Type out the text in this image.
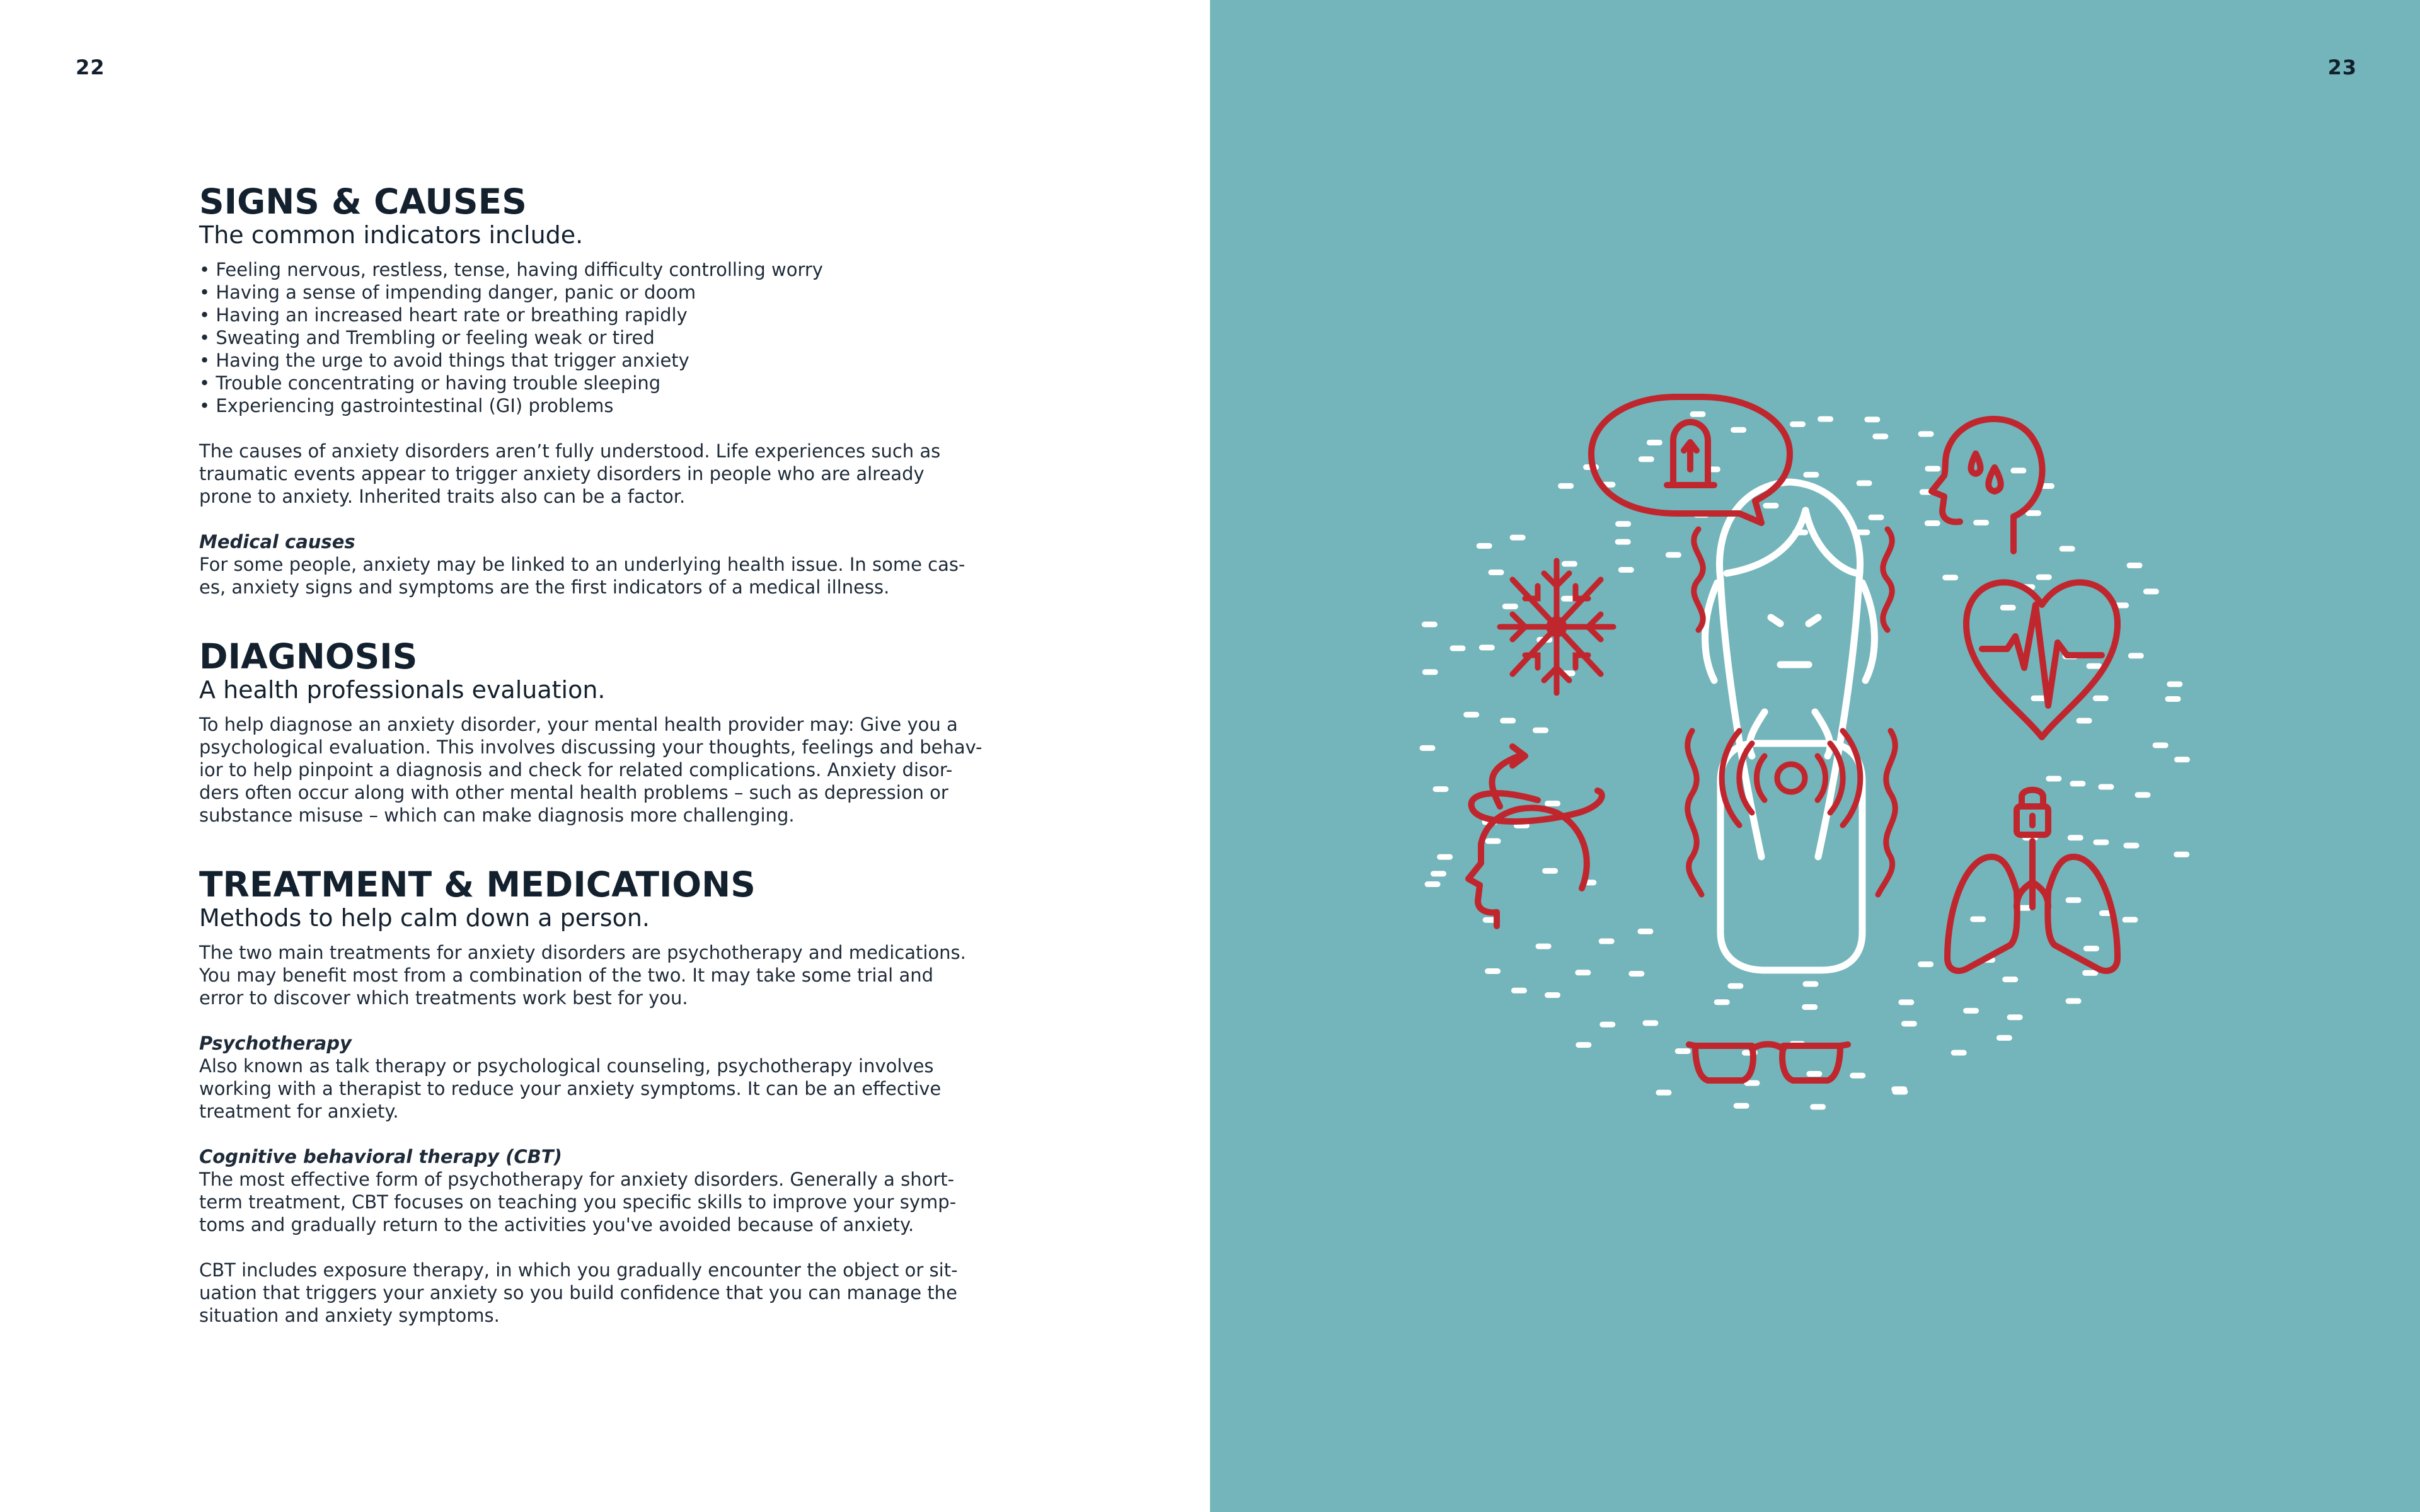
22
SIGNS & CAUSES
The common indicators include.
• Feeling nervous, restless, tense, having difficulty controlling worry
• Having a sense of impending danger, panic or doom
• Having an increased heart rate or breathing rapidly
• Sweating and Trembling or feeling weak or tired
• Having the urge to avoid things that trigger anxiety
• Trouble concentrating or having trouble sleeping
• Experiencing gastrointestinal (GI) problems

The causes of anxiety disorders aren’t fully understood. Life experiences such as
traumatic events appear to trigger anxiety disorders in people who are already
prone to anxiety. Inherited traits also can be a factor.

Medical causes

For some people, anxiety may be linked to an underlying health issue. In some cas-
es, anxiety signs and symptoms are the first indicators of a medical illness.

DIAGNOSIS
A health professionals evaluation.

To help diagnose an anxiety disorder, your mental health provider may: Give you a
psychological evaluation. This involves discussing your thoughts, feelings and behav-
ior to help pinpoint a diagnosis and check for related complications. Anxiety disor-
ders often occur along with other mental health problems – such as depression or
substance misuse – which can make diagnosis more challenging.

TREATMENT & MEDICATIONS
Methods to help calm down a person.

The two main treatments for anxiety disorders are psychotherapy and medications.
You may benefit most from a combination of the two. It may take some trial and
error to discover which treatments work best for you.

Psychotherapy

Also known as talk therapy or psychological counseling, psychotherapy involves
working with a therapist to reduce your anxiety symptoms. It can be an effective
treatment for anxiety.

Cognitive behavioral therapy (CBT)

The most effective form of psychotherapy for anxiety disorders. Generally a short-
term treatment, CBT focuses on teaching you specific skills to improve your symp-
toms and gradually return to the activities you've avoided because of anxiety.

CBT includes exposure therapy, in which you gradually encounter the object or sit-
uation that triggers your anxiety so you build confidence that you can manage the
situation and anxiety symptoms.

23
